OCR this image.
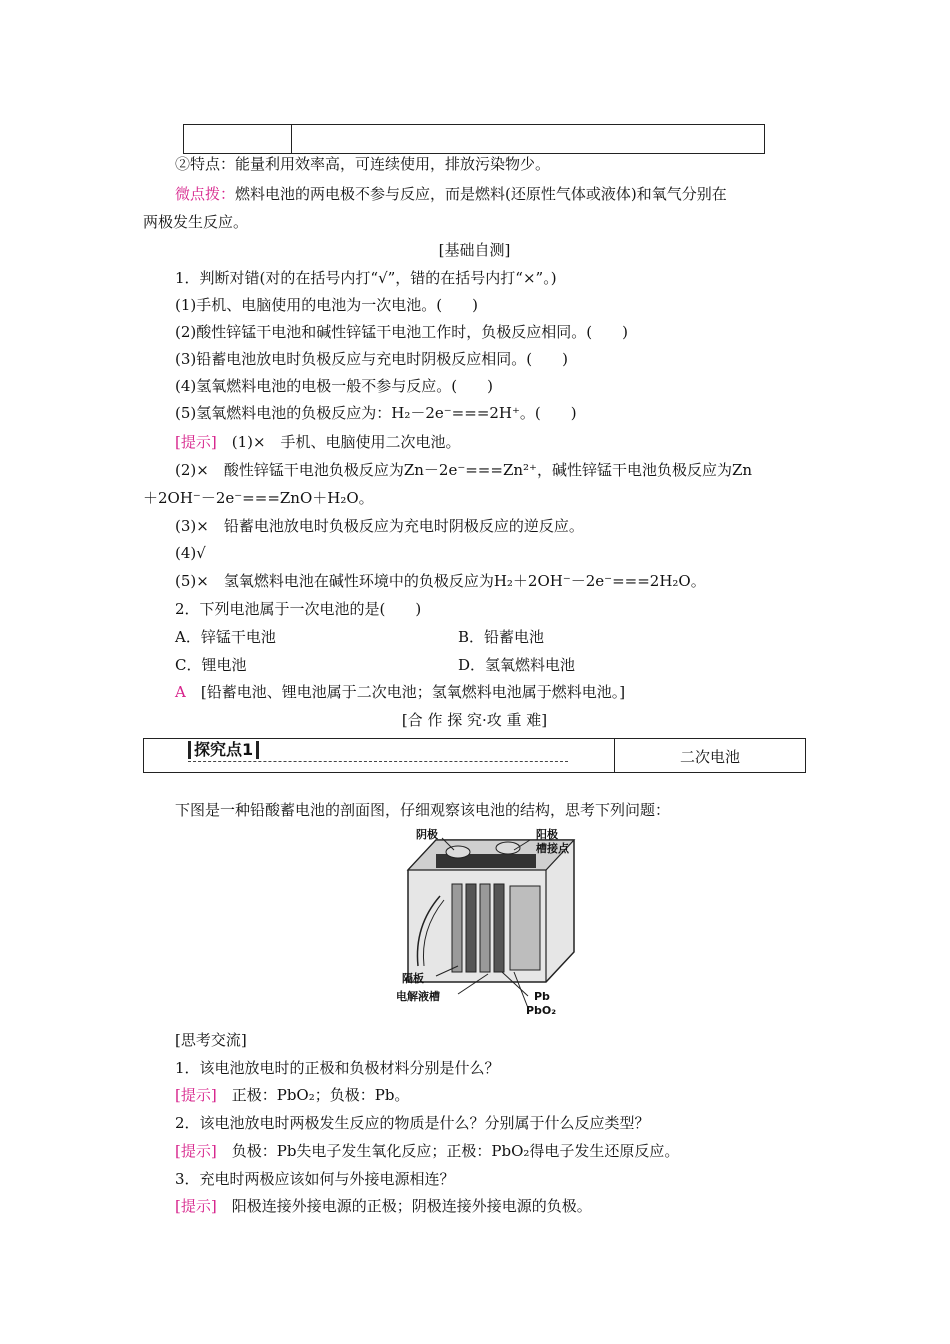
②特点：能量利用效率高，可连续使用，排放污染物少。
微点拨：燃料电池的两电极不参与反应，而是燃料(还原性气体或液体)和氧气分别在
两极发生反应。
[基础自测]
1．判断对错(对的在括号内打“√”，错的在括号内打“×”。)
(1)手机、电脑使用的电池为一次电池。(　　)
(2)酸性锌锰干电池和碱性锌锰干电池工作时，负极反应相同。(　　)
(3)铅蓄电池放电时负极反应与充电时阴极反应相同。(　　)
(4)氢氧燃料电池的电极一般不参与反应。(　　)
(5)氢氧燃料电池的负极反应为：H₂－2e⁻===2H⁺。(　　)
[提示]　 (1)×　手机、电脑使用二次电池。
(2)×　酸性锌锰干电池负极反应为Zn－2e⁻===Zn²⁺，碱性锌锰干电池负极反应为Zn
＋2OH⁻－2e⁻===ZnO＋H₂O。
(3)×　铅蓄电池放电时负极反应为充电时阴极反应的逆反应。
(4)√
(5)×　氢氧燃料电池在碱性环境中的负极反应为H₂＋2OH⁻－2e⁻===2H₂O。
2．下列电池属于一次电池的是(　　)
A．锌锰干电池	B．铅蓄电池
C．锂电池	D．氢氧燃料电池
A　 [铅蓄电池、锂电池属于二次电池；氢氧燃料电池属于燃料电池。]
[合 作 探 究·攻 重 难]
探究点1	二次电池
下图是一种铅酸蓄电池的剖面图，仔细观察该电池的结构，思考下列问题：
阴极	阳极
槽接点
隔板
电解液槽	Pb
PbO₂
[思考交流]
1．该电池放电时的正极和负极材料分别是什么？
[提示]　 正极：PbO₂；负极：Pb。
2．该电池放电时两极发生反应的物质是什么？分别属于什么反应类型？
[提示]　 负极：Pb失电子发生氧化反应；正极：PbO₂得电子发生还原反应。
3．充电时两极应该如何与外接电源相连？
[提示]　 阳极连接外接电源的正极；阴极连接外接电源的负极。
